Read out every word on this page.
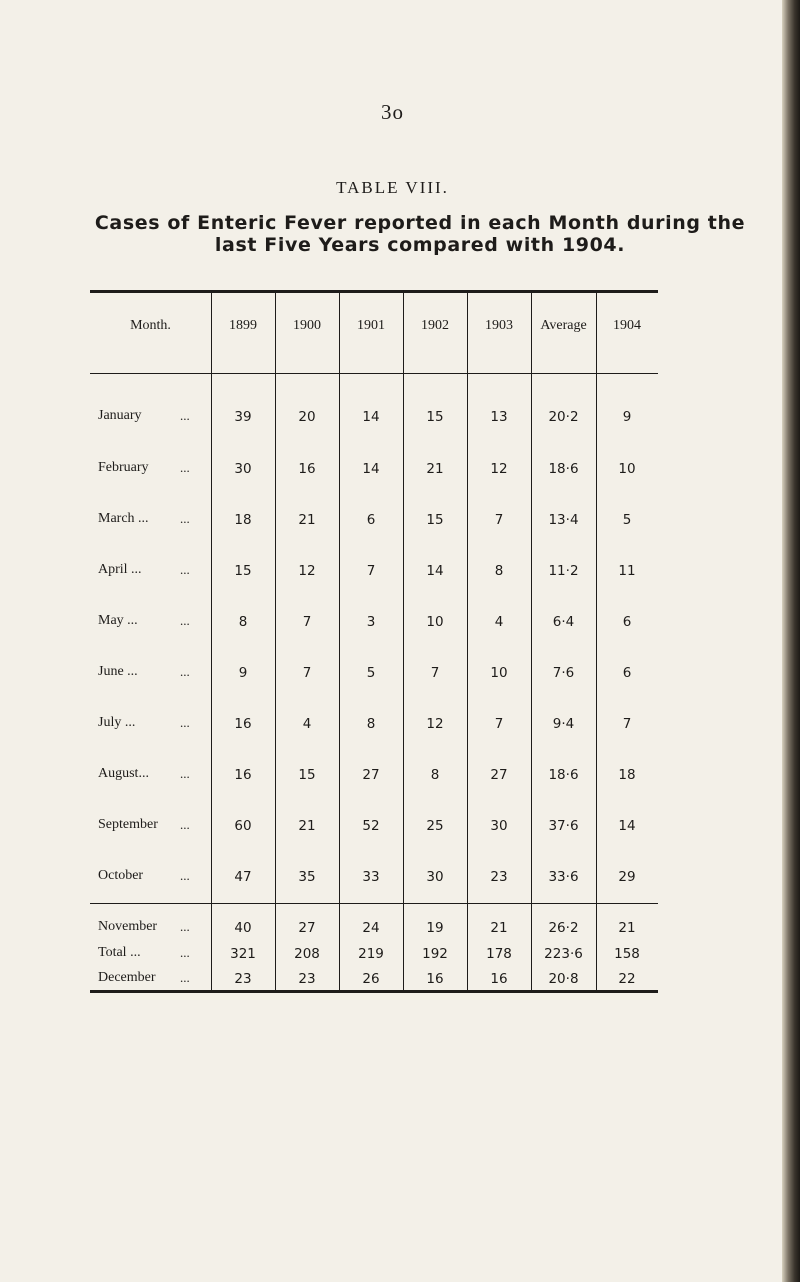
3o
TABLE VIII.
Cases of Enteric Fever reported in each Month during the last Five Years compared with 1904.
Month.	1899	1900	1901	1902	1903	Average	1904
January	...	39	20	14	15	13	20·2	9
February ...	30	16	14	21	12	18·6	10
March ... ...	18	21	6	15	7	13·4	5
April ...	...	15	12	7	14	8	11·2	11
May ...	...	8	7	3	10	4	6·4	6
June ...	...	9	7	5	7	10	7·6	6
July ...	...	16	4	8	12	7	9·4	7
August... ...	16	15	27	8	27	18·6	18
September ...	60	21	52	25	30	37·6	14
October	...	47	35	33	30	23	33·6	29
November ...	40	27	24	19	21	26·2	21
December ...	23	23	26	16	16	20·8	22
Total ...	...	321	208	219	192	178	223·6	158
